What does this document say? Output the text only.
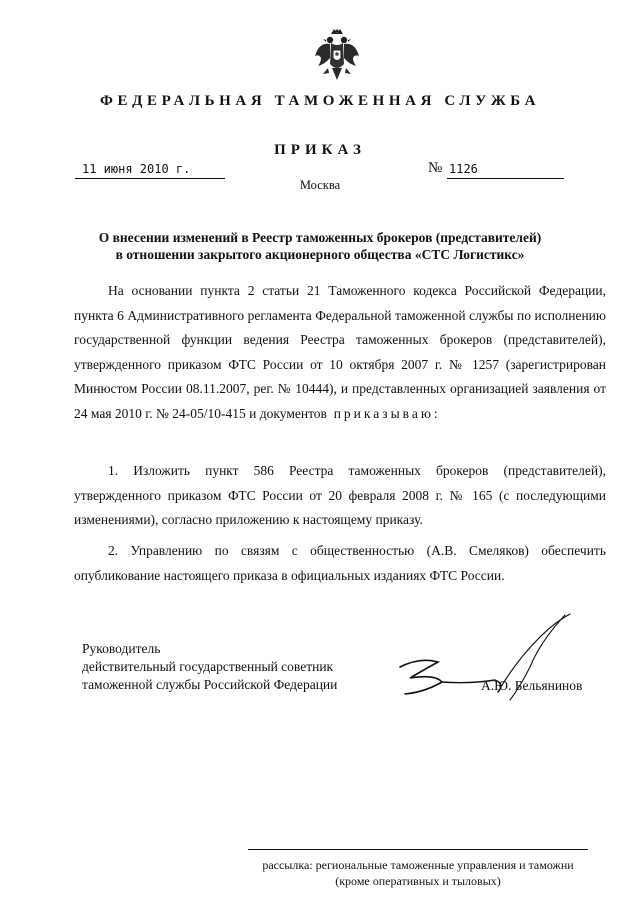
ФЕДЕРАЛЬНАЯ ТАМОЖЕННАЯ СЛУЖБА
ПРИКАЗ
11 июня 2010 г.	№ 1126
Москва
О внесении изменений в Реестр таможенных брокеров (представителей)
в отношении закрытого акционерного общества «СТС Логистикс»

На основании пункта 2 статьи 21 Таможенного кодекса Российской Федерации, пункта 6 Административного регламента Федеральной таможенной службы по исполнению государственной функции ведения Реестра таможенных брокеров (представителей), утвержденного приказом ФТС России от 10 октября 2007 г. № 1257 (зарегистрирован Минюстом России 08.11.2007, рег. № 10444), и представленных организацией заявления от 24 мая 2010 г. № 24-05/10-415 и документов приказываю:

1. Изложить пункт 586 Реестра таможенных брокеров (представителей), утвержденного приказом ФТС России от 20 февраля 2008 г. № 165 (с последующими изменениями), согласно приложению к настоящему приказу.

2. Управлению по связям с общественностью (А.В. Смеляков) обеспечить опубликование настоящего приказа в официальных изданиях ФТС России.

Руководитель
действительный государственный советник
таможенной службы Российской Федерации	А.Ю. Бельянинов
рассылка: региональные таможенные управления и таможни
(кроме оперативных и тыловых)
